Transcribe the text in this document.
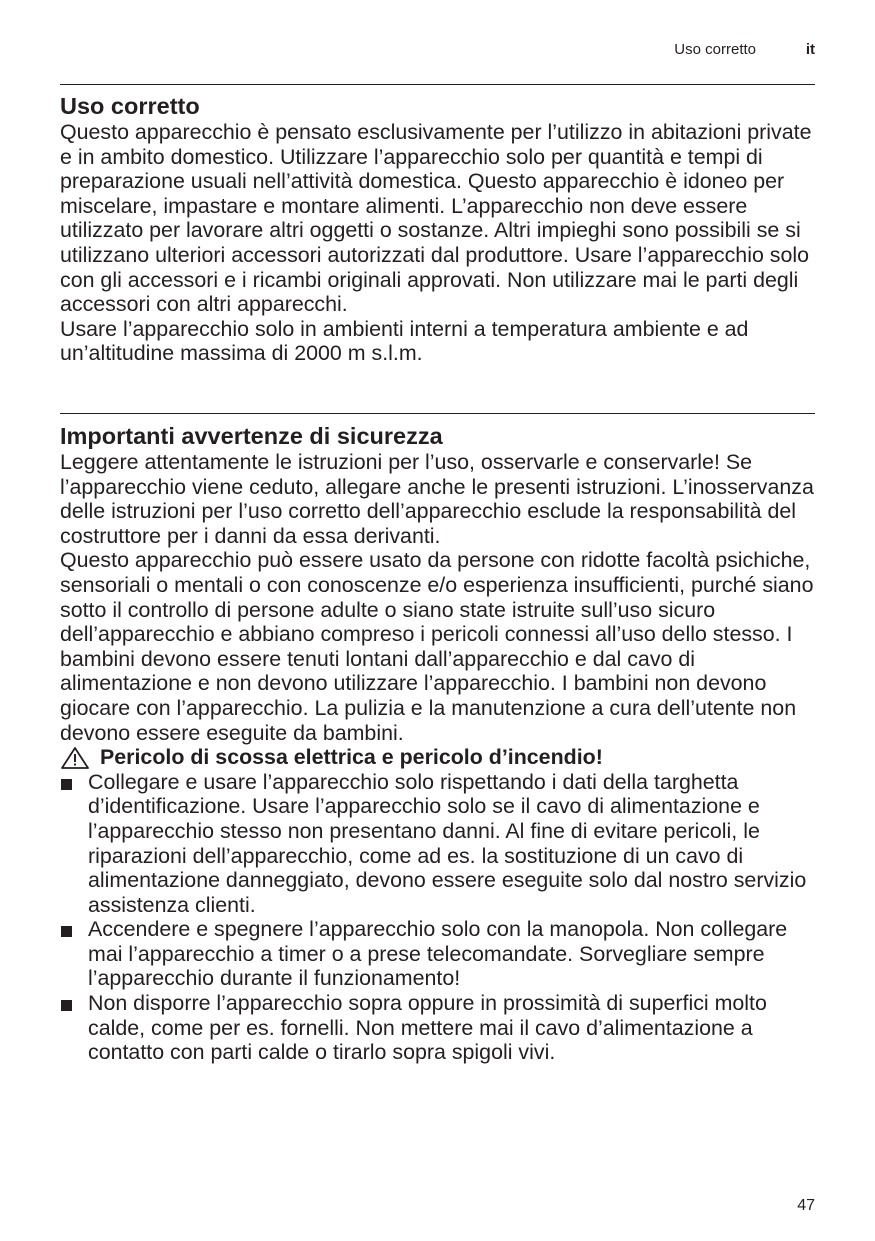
Uso corretto	it
Uso corretto

Questo apparecchio è pensato esclusivamente per l’utilizzo in abitazioni private e in ambito domestico. Utilizzare l’apparecchio solo per quantità e tempi di preparazione usuali nell’attività domestica. Questo apparecchio è idoneo per miscelare, impastare e montare alimenti. L’apparecchio non deve essere utilizzato per lavorare altri oggetti o sostanze. Altri impieghi sono possibili se si utilizzano ulteriori accessori autorizzati dal produttore. Usare l’apparecchio solo con gli accessori e i ricambi originali approvati. Non utilizzare mai le parti degli accessori con altri apparecchi.

Usare l’apparecchio solo in ambienti interni a temperatura ambiente e ad un’altitudine massima di 2000 m s.l.m.

Importanti avvertenze di sicurezza

Leggere attentamente le istruzioni per l’uso, osservarle e conservarle! Se l’apparecchio viene ceduto, allegare anche le presenti istruzioni. L’inosservanza delle istruzioni per l’uso corretto dell’apparecchio esclude la responsabilità del costruttore per i danni da essa derivanti.

Questo apparecchio può essere usato da persone con ridotte facoltà psichiche, sensoriali o mentali o con conoscenze e/o esperienza insufficienti, purché siano sotto il controllo di persone adulte o siano state istruite sull’uso sicuro dell’apparecchio e abbiano compreso i pericoli connessi all’uso dello stesso. I bambini devono essere tenuti lontani dall’apparecchio e dal cavo di alimentazione e non devono utilizzare l’apparecchio. I bambini non devono giocare con l’apparecchio. La pulizia e la manutenzione a cura dell’utente non devono essere eseguite da bambini.

Pericolo di scossa elettrica e pericolo d’incendio!
Collegare e usare l’apparecchio solo rispettando i dati della targhetta d’identificazione. Usare l’apparecchio solo se il cavo di alimentazione e l’apparecchio stesso non presentano danni. Al fine di evitare pericoli, le riparazioni dell’apparecchio, come ad es. la sostituzione di un cavo di alimentazione danneggiato, devono essere eseguite solo dal nostro servizio assistenza clienti.
Accendere e spegnere l’apparecchio solo con la manopola. Non collegare mai l’apparecchio a timer o a prese telecomandate. Sorvegliare sempre l’apparecchio durante il funzionamento!
Non disporre l’apparecchio sopra oppure in prossimità di superfici molto calde, come per es. fornelli. Non mettere mai il cavo d’alimentazione a contatto con parti calde o tirarlo sopra spigoli vivi.
47
